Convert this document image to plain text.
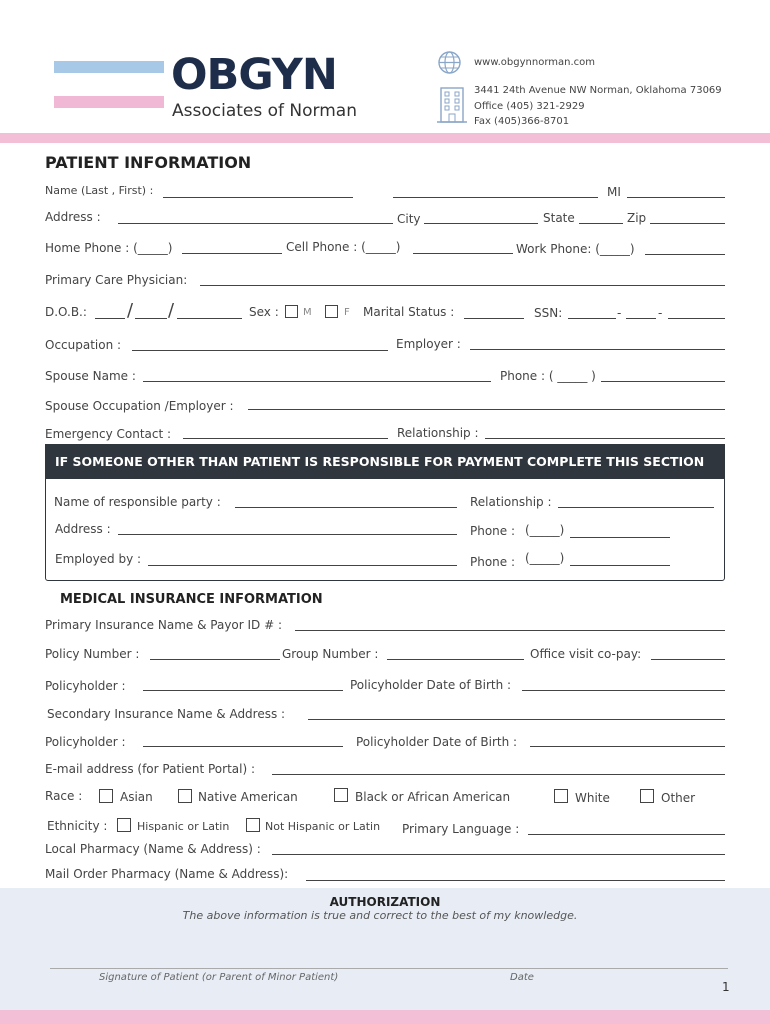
OBGYN
Associates of Norman
www.obgynnorman.com
3441 24th Avenue NW Norman, Oklahoma 73069
Office (405) 321-2929
Fax (405)366-8701
PATIENT INFORMATION
Name (Last , First) :	MI
Address :	City	State	Zip
Home Phone : (_____)	Cell Phone : (_____)	Work Phone: (_____)
Primary Care Physician:
D.O.B.: / /	Sex : M	F Marital Status :	SSN:	-	-
Occupation :	Employer :
Spouse Name :	Phone : ( _____ )
Spouse Occupation /Employer :
Emergency Contact :	Relationship :
IF SOMEONE OTHER THAN PATIENT IS RESPONSIBLE FOR PAYMENT COMPLETE THIS SECTION
Name of responsible party :	Relationship :
Address :	Phone : (_____)
Employed by :	Phone : (_____)
MEDICAL INSURANCE INFORMATION
Primary Insurance Name & Payor ID # :
Policy Number :	Group Number :	Office visit co-pay:
Policyholder :	Policyholder Date of Birth :
Secondary Insurance Name & Address :
Policyholder :	Policyholder Date of Birth :
E-mail address (for Patient Portal) :
Race :	Asian	Native American	Black or African American	White	Other
Ethnicity :	Hispanic or Latin	Not Hispanic or Latin Primary Language :
Local Pharmacy (Name & Address) :
Mail Order Pharmacy (Name & Address):
AUTHORIZATION
The above information is true and correct to the best of my knowledge.
Signature of Patient (or Parent of Minor Patient)	Date
1
